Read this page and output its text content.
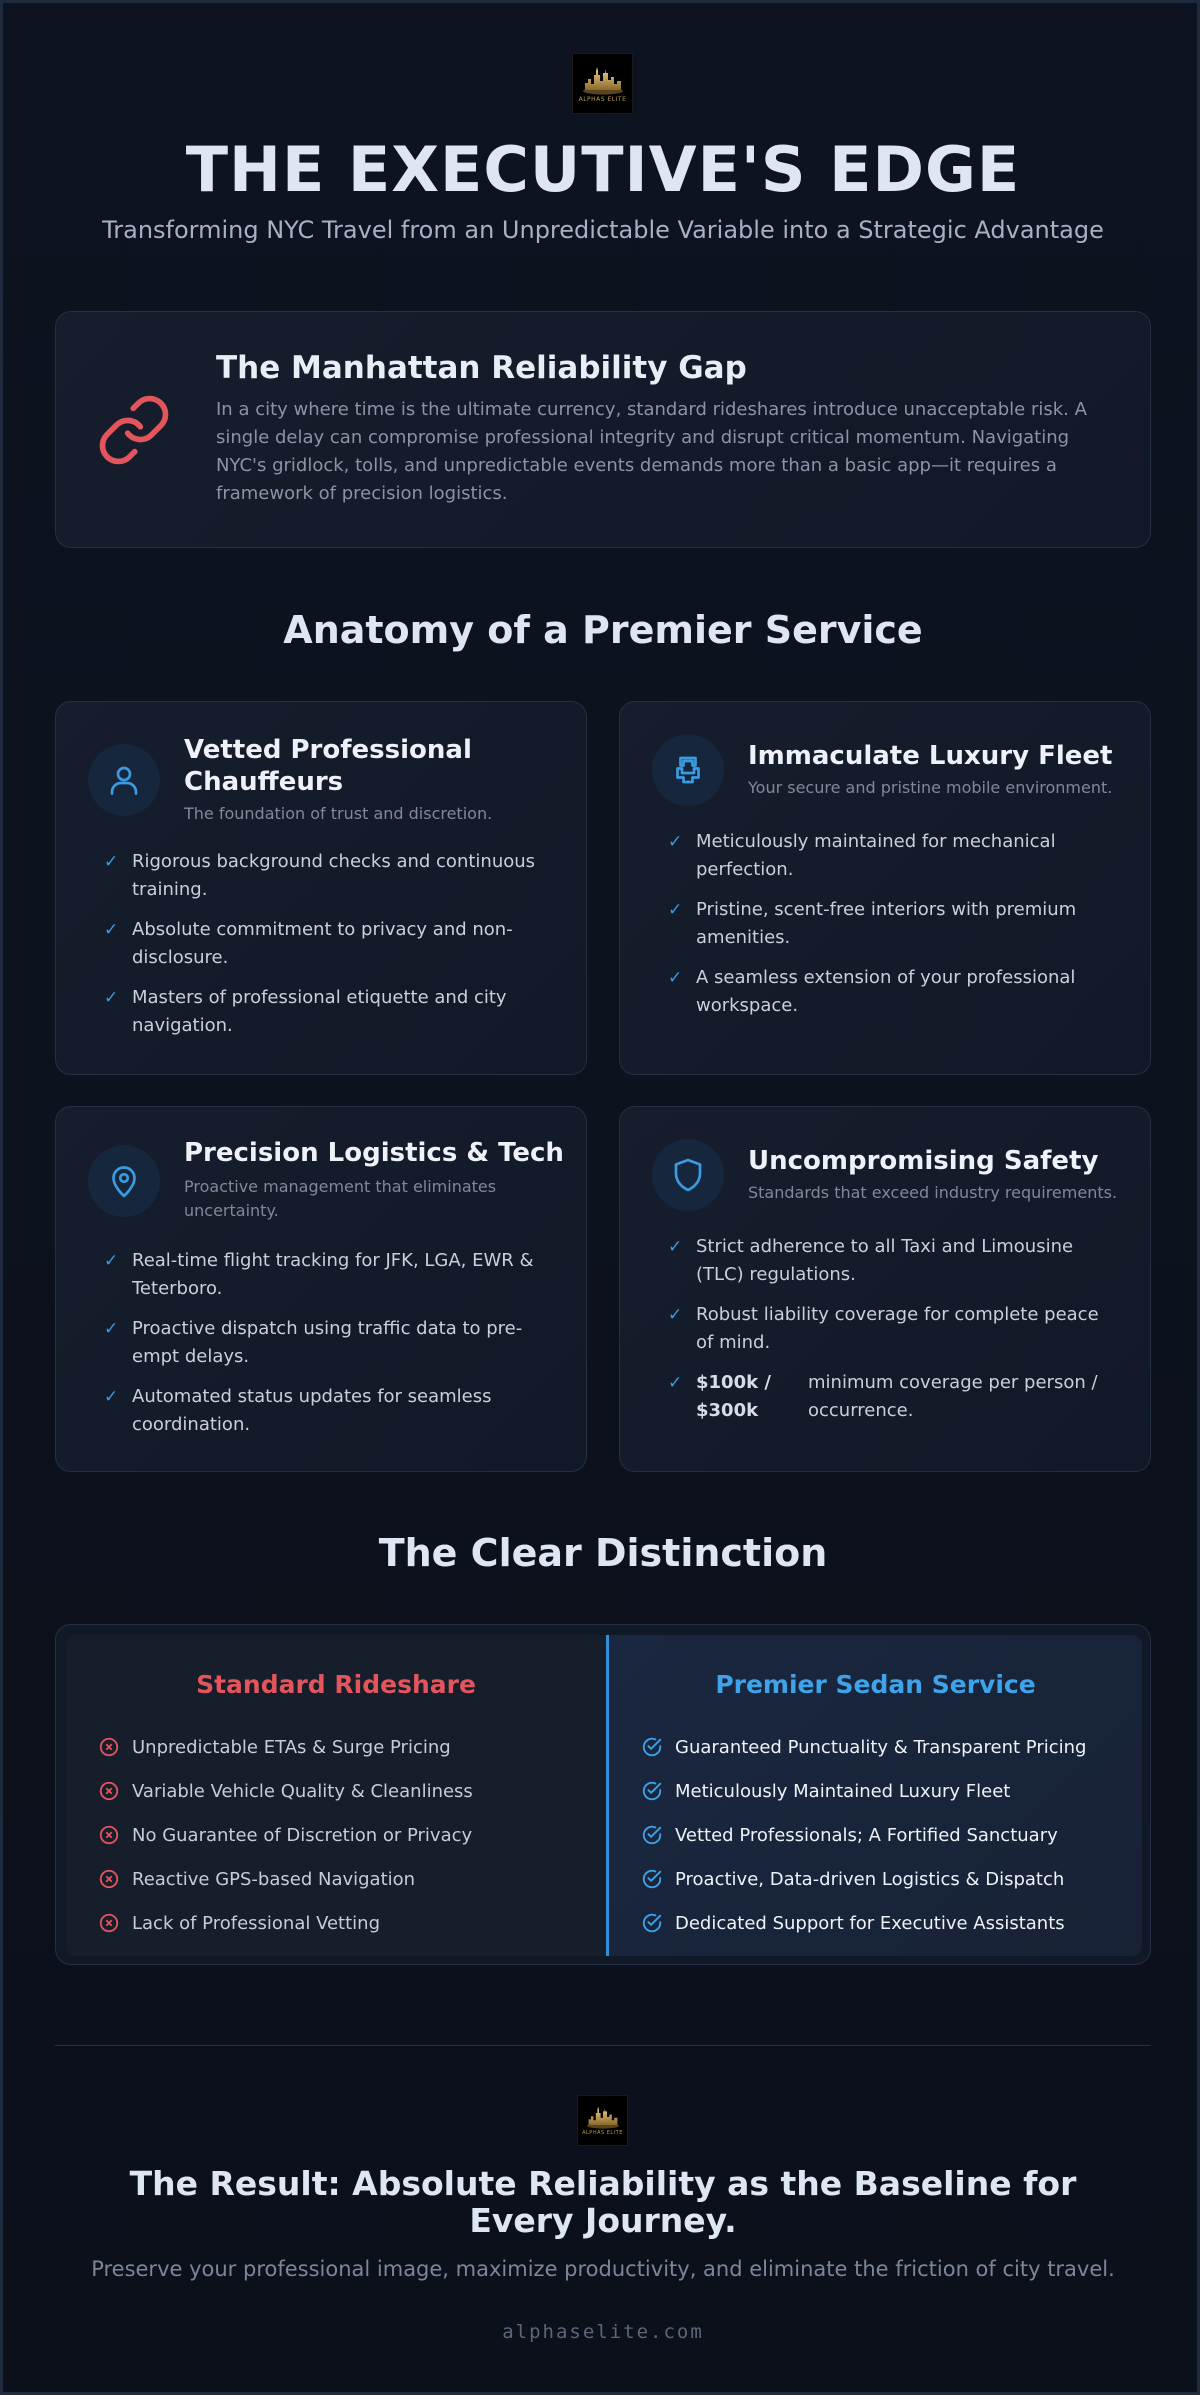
ALPHAS ELITE
THE EXECUTIVE'S EDGE
Transforming NYC Travel from an Unpredictable Variable into a Strategic Advantage
The Manhattan Reliability Gap

In a city where time is the ultimate currency, standard rideshares introduce unacceptable risk. A single delay can compromise professional integrity and disrupt critical momentum. Navigating NYC's gridlock, tolls, and unpredictable events demands more than a basic app—it requires a framework of precision logistics.

Anatomy of a Premier Service
Vetted Professional Chauffeurs
The foundation of trust and discretion.
✓ Rigorous background checks and continuous training.
✓ Absolute commitment to privacy and non-disclosure.
✓ Masters of professional etiquette and city navigation.
Immaculate Luxury Fleet
Your secure and pristine mobile environment.
✓ Meticulously maintained for mechanical perfection.
✓ Pristine, scent-free interiors with premium amenities.
✓ A seamless extension of your professional workspace.
Precision Logistics & Tech
Proactive management that eliminates uncertainty.
✓ Real-time flight tracking for JFK, LGA, EWR & Teterboro.
✓ Proactive dispatch using traffic data to pre-empt delays.
✓ Automated status updates for seamless coordination.
Uncompromising Safety
Standards that exceed industry requirements.
✓ Strict adherence to all Taxi and Limousine (TLC) regulations.
✓ Robust liability coverage for complete peace of mind.
✓ $100k / $300k
minimum coverage per person / occurrence.
The Clear Distinction
Standard Rideshare
Unpredictable ETAs & Surge Pricing
Variable Vehicle Quality & Cleanliness
No Guarantee of Discretion or Privacy
Reactive GPS-based Navigation
Lack of Professional Vetting
Premier Sedan Service
Guaranteed Punctuality & Transparent Pricing
Meticulously Maintained Luxury Fleet
Vetted Professionals; A Fortified Sanctuary
Proactive, Data-driven Logistics & Dispatch
Dedicated Support for Executive Assistants
ALPHAS ELITE
The Result: Absolute Reliability as the Baseline for Every Journey.
Preserve your professional image, maximize productivity, and eliminate the friction of city travel.
alphaselite.com
